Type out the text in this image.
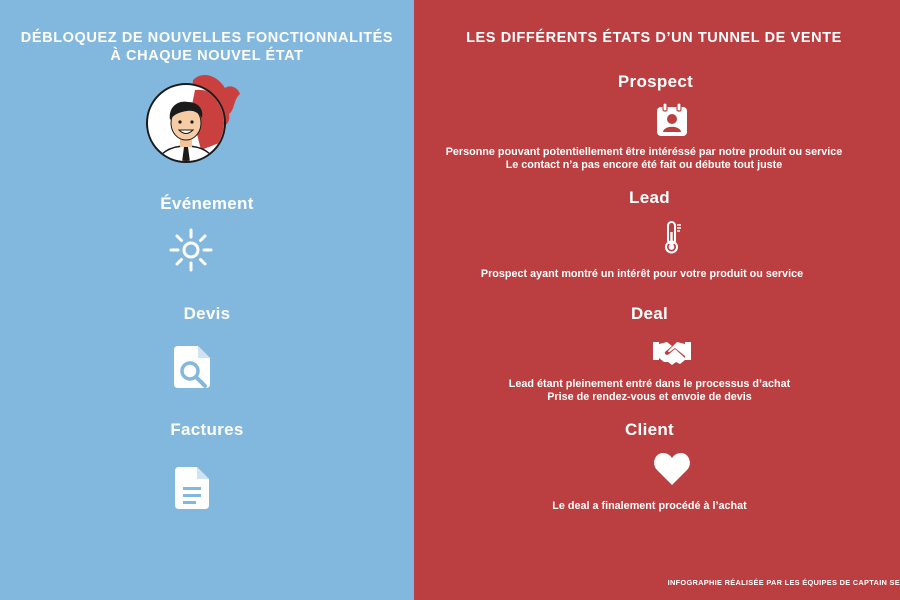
DÉBLOQUEZ DE NOUVELLES FONCTIONNALITÉS
À CHAQUE NOUVEL ÉTAT
Événement
Devis
Factures
LES DIFFÉRENTS ÉTATS D’UN TUNNEL DE VENTE
Prospect
Personne pouvant potentiellement être intéréssé par notre produit ou service
Le contact n’a pas encore été fait ou débute tout juste
Lead
Prospect ayant montré un intérêt pour votre produit ou service
Deal
Lead étant pleinement entré dans le processus d’achat
Prise de rendez-vous et envoie de devis
Client
Le deal a finalement procédé à l’achat
INFOGRAPHIE RÉALISÉE PAR LES ÉQUIPES DE CAPTAIN SE
